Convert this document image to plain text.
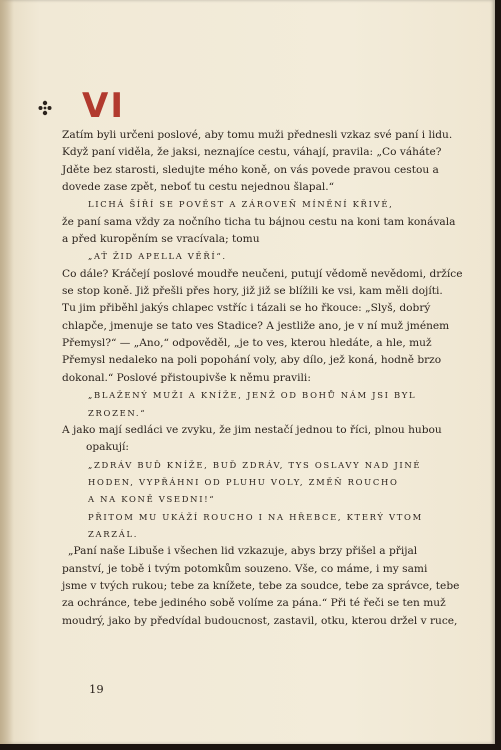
VI
Zatím byli určeni poslové, aby tomu muži přednesli vzkaz své paní i lidu.
Když paní viděla, že jaksi, neznajíce cestu, váhají, pravila: „Co váháte?
Jděte bez starosti, sledujte mého koně, on vás povede pravou cestou a
dovede zase zpět, neboť tu cestu nejednou šlapal.“
LICHÁ ŠÍŘÍ SE POVĚST A ZÁROVEŇ MÍNĚNÍ KŘIVÉ,
že paní sama vždy za nočního ticha tu bájnou cestu na koni tam konávala
a před kuropěním se vracívala; tomu
„AŤ ŽID APELLA VĚŘÍ“.
Co dále? Kráčejí poslové moudře neučeni, putují vědomě nevědomi, držíce
se stop koně. Již přešli přes hory, již již se blížili ke vsi, kam měli dojíti.
Tu jim přiběhl jakýs chlapec vstříc i tázali se ho řkouce: „Slyš, dobrý
chlapče, jmenuje se tato ves Stadice? A jestliže ano, je v ní muž jménem
Přemysl?“ — „Ano,“ odpověděl, „je to ves, kterou hledáte, a hle, muž
Přemysl nedaleko na poli popohání voly, aby dílo, jež koná, hodně brzo
dokonal.“ Poslové přistoupivše k němu pravili:
„BLAŽENÝ MUŽI A KNÍŽE, JENŽ OD BOHŮ NÁM JSI BYL
ZROZEN.“
A jako mají sedláci ve zvyku, že jim nestačí jednou to říci, plnou hubou
opakují:
„ZDRÁV BUĎ KNÍŽE, BUĎ ZDRÁV, TYS OSLAVY NAD JINÉ
HODEN, VYPŘÁHNI OD PLUHU VOLY, ZMĚŇ ROUCHO
A NA KONĚ VSEDNI!“
PŘITOM MU UKÁŽÍ ROUCHO I NA HŘEBCE, KTERÝ VTOM
ZARZÁL.
„Paní naše Libuše i všechen lid vzkazuje, abys brzy přišel a přijal
panství, je tobě i tvým potomkům souzeno. Vše, co máme, i my sami
jsme v tvých rukou; tebe za knížete, tebe za soudce, tebe za správce, tebe
za ochránce, tebe jediného sobě volíme za pána.“ Při té řeči se ten muž
moudrý, jako by předvídal budoucnost, zastavil, otku, kterou držel v ruce,

19
